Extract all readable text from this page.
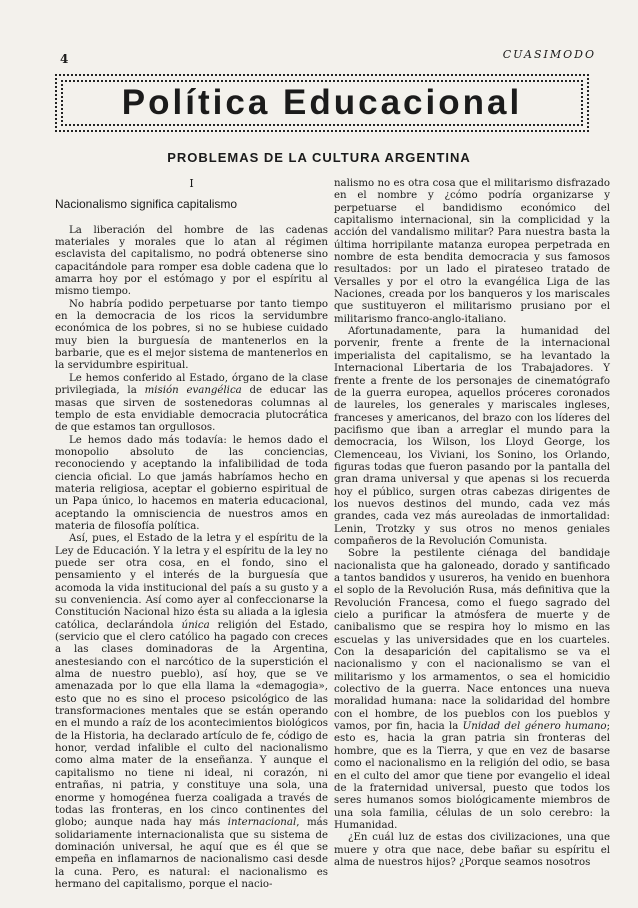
4	CUASIMODO
Política Educacional
PROBLEMAS DE LA CULTURA ARGENTINA
I
Nacionalismo significa capitalismo

La liberación del hombre de las cadenas materiales y morales que lo atan al régimen esclavista del capitalismo, no podrá obtenerse sino capacitándole para romper esa doble cadena que lo amarra hoy por el estómago y por el espíritu al mismo tiempo.

No habría podido perpetuarse por tanto tiempo en la democracia de los ricos la servidumbre económica de los pobres, si no se hubiese cuidado muy bien la burguesía de mantenerlos en la barbarie, que es el mejor sistema de mantenerlos en la servidumbre espiritual.

Le hemos conferido al Estado, órgano de la clase privilegiada, la misión evangélica de educar las masas que sirven de sostenedoras columnas al templo de esta envidiable democracia plutocrática de que estamos tan orgullosos.

Le hemos dado más todavía: le hemos dado el monopolio absoluto de las conciencias, reconociendo y aceptando la infalibilidad de toda ciencia oficial. Lo que jamás habríamos hecho en materia religiosa, aceptar el gobierno espiritual de un Papa único, lo hacemos en materia educacional, aceptando la omnisciencia de nuestros amos en materia de filosofía política.

Así, pues, el Estado de la letra y el espíritu de la Ley de Educación. Y la letra y el espíritu de la ley no puede ser otra cosa, en el fondo, sino el pensamiento y el interés de la burguesía que acomoda la vida institucional del país a su gusto y a su conveniencia. Así como ayer al confeccionarse la Constitución Nacional hizo ésta su aliada a la iglesia católica, declarándola única religión del Estado, (servicio que el clero católico ha pagado con creces a las clases dominadoras de la Argentina, anestesiando con el narcótico de la superstición el alma de nuestro pueblo), así hoy, que se ve amenazada por lo que ella llama la «demagogia», esto que no es sino el proceso psicológico de las transformaciones mentales que se están operando en el mundo a raíz de los acontecimientos biológicos de la Historia, ha declarado artículo de fe, código de honor, verdad infalible el culto del nacionalismo como alma mater de la enseñanza. Y aunque el capitalismo no tiene ni ideal, ni corazón, ni entrañas, ni patria, y constituye una sola, una enorme y homogénea fuerza coaligada a través de todas las fronteras, en los cinco continentes del globo; aunque nada hay más internacional, más solidariamente internacionalista que su sistema de dominación universal, he aquí que es él que se empeña en inflamarnos de nacionalismo casi desde la cuna. Pero, es natural: el nacionalismo es hermano del capitalismo, porque el nacio-

nalismo no es otra cosa que el militarismo disfrazado en el nombre y ¿cómo podría organizarse y perpetuarse el bandidismo económico del capitalismo internacional, sin la complicidad y la acción del vandalismo militar? Para nuestra basta la última horripilante matanza europea perpetrada en nombre de esta bendita democracia y sus famosos resultados: por un lado el pirateseo tratado de Versalles y por el otro la evangélica Liga de las Naciones, creada por los banqueros y los mariscales que sustituyeron el militarismo prusiano por el militarismo franco-anglo-italiano.

Afortunadamente, para la humanidad del porvenir, frente a frente de la internacional imperialista del capitalismo, se ha levantado la Internacional Libertaria de los Trabajadores. Y frente a frente de los personajes de cinematógrafo de la guerra europea, aquellos próceres coronados de laureles, los generales y mariscales ingleses, franceses y americanos, del brazo con los líderes del pacifismo que iban a arreglar el mundo para la democracia, los Wilson, los Lloyd George, los Clemenceau, los Viviani, los Sonino, los Orlando, figuras todas que fueron pasando por la pantalla del gran drama universal y que apenas si los recuerda hoy el público, surgen otras cabezas dirigentes de los nuevos destinos del mundo, cada vez más grandes, cada vez más aureoladas de inmortalidad: Lenin, Trotzky y sus otros no menos geniales compañeros de la Revolución Comunista.

Sobre la pestilente ciénaga del bandidaje nacionalista que ha galoneado, dorado y santificado a tantos bandidos y usureros, ha venido en buenhora el soplo de la Revolución Rusa, más definitiva que la Revolución Francesa, como el fuego sagrado del cielo a purificar la atmósfera de muerte y de canibalismo que se respira hoy lo mismo en las escuelas y las universidades que en los cuarteles. Con la desaparición del capitalismo se va el nacionalismo y con el nacionalismo se van el militarismo y los armamentos, o sea el homicidio colectivo de la guerra. Nace entonces una nueva moralidad humana: nace la solidaridad del hombre con el hombre, de los pueblos con los pueblos y vamos, por fin, hacia la Unidad del género humano; esto es, hacia la gran patria sin fronteras del hombre, que es la Tierra, y que en vez de basarse como el nacionalismo en la religión del odio, se basa en el culto del amor que tiene por evangelio el ideal de la fraternidad universal, puesto que todos los seres humanos somos biológicamente miembros de una sola familia, células de un solo cerebro: la Humanidad.

¿En cuál luz de estas dos civilizaciones, una que muere y otra que nace, debe bañar su espíritu el alma de nuestros hijos? ¿Porque seamos nosotros
